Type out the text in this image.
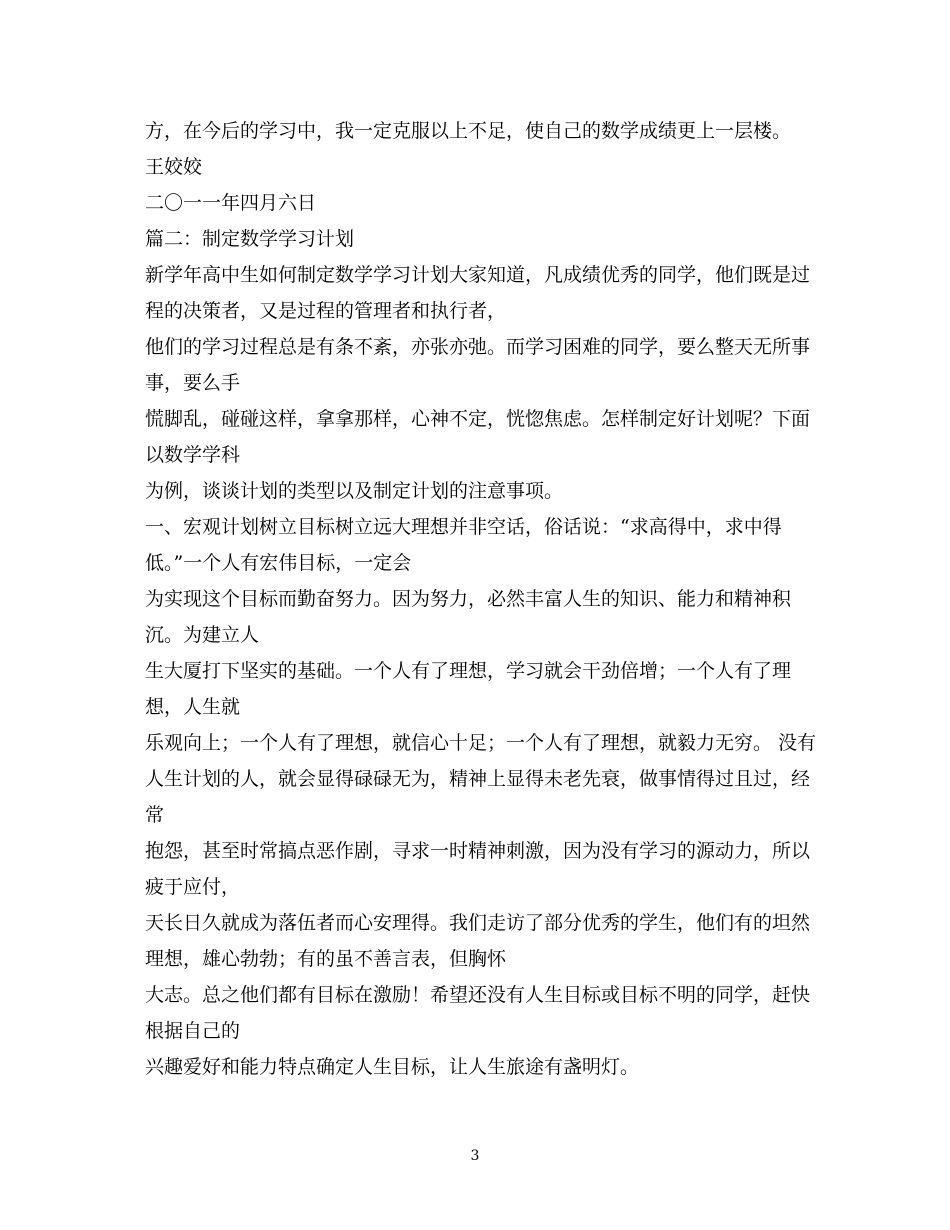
方，在今后的学习中，我一定克服以上不足，使自己的数学成绩更上一层楼。
王姣姣
二〇一一年四月六日
篇二：制定数学学习计划
新学年高中生如何制定数学学习计划大家知道，凡成绩优秀的同学，他们既是过
程的决策者，又是过程的管理者和执行者，
他们的学习过程总是有条不紊，亦张亦弛。而学习困难的同学，要么整天无所事
事，要么手
慌脚乱，碰碰这样，拿拿那样，心神不定，恍惚焦虑。怎样制定好计划呢？下面
以数学学科
为例，谈谈计划的类型以及制定计划的注意事项。
一、宏观计划树立目标树立远大理想并非空话，俗话说：“求高得中，求中得
低。”一个人有宏伟目标，一定会
为实现这个目标而勤奋努力。因为努力，必然丰富人生的知识、能力和精神积
沉。为建立人
生大厦打下坚实的基础。一个人有了理想，学习就会干劲倍增；一个人有了理
想，人生就
乐观向上；一个人有了理想，就信心十足；一个人有了理想，就毅力无穷。 没有
人生计划的人，就会显得碌碌无为，精神上显得未老先衰，做事情得过且过，经
常
抱怨，甚至时常搞点恶作剧，寻求一时精神刺激，因为没有学习的源动力，所以
疲于应付，
天长日久就成为落伍者而心安理得。我们走访了部分优秀的学生，他们有的坦然
理想，雄心勃勃；有的虽不善言表，但胸怀
大志。总之他们都有目标在激励！希望还没有人生目标或目标不明的同学，赶快
根据自己的
兴趣爱好和能力特点确定人生目标，让人生旅途有盏明灯。
3
